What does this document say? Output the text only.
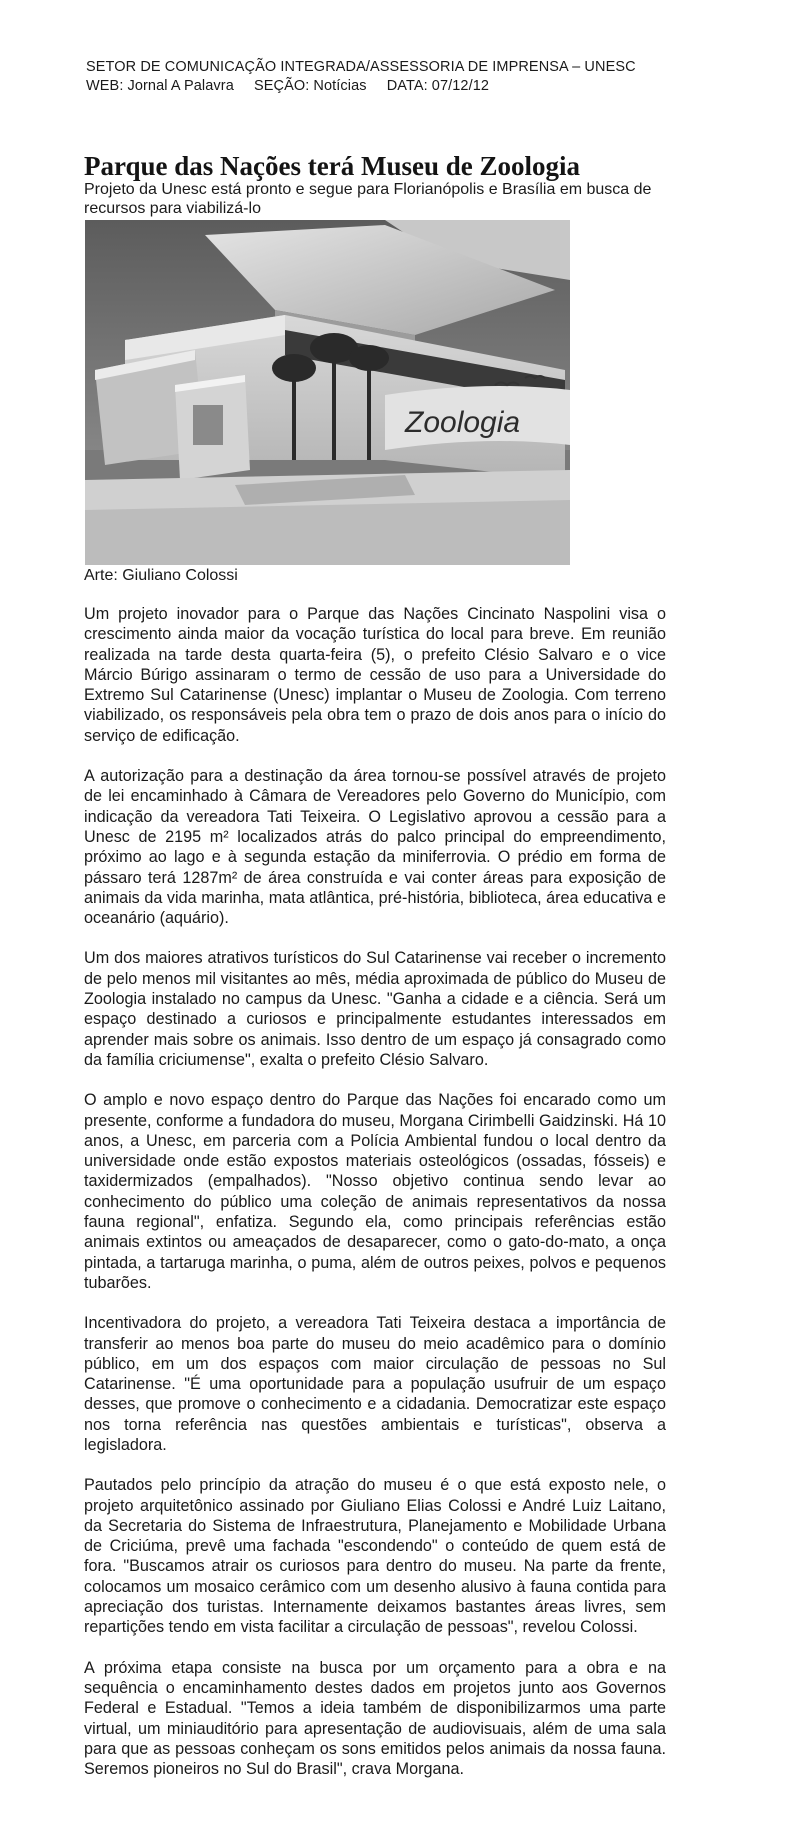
SETOR DE COMUNICAÇÃO INTEGRADA/ASSESSORIA DE IMPRENSA – UNESC
WEB: Jornal A Palavra SEÇÃO: Notícias DATA: 07/12/12
Parque das Nações terá Museu de Zoologia
Projeto da Unesc está pronto e segue para Florianópolis e Brasília em busca de recursos para viabilizá-lo
Zoologia
Arte: Giuliano Colossi

Um projeto inovador para o Parque das Nações Cincinato Naspolini visa o crescimento ainda maior da vocação turística do local para breve. Em reunião realizada na tarde desta quarta-feira (5), o prefeito Clésio Salvaro e o vice Márcio Búrigo assinaram o termo de cessão de uso para a Universidade do Extremo Sul Catarinense (Unesc) implantar o Museu de Zoologia. Com terreno viabilizado, os responsáveis pela obra tem o prazo de dois anos para o início do serviço de edificação.

A autorização para a destinação da área tornou-se possível através de projeto de lei encaminhado à Câmara de Vereadores pelo Governo do Município, com indicação da vereadora Tati Teixeira. O Legislativo aprovou a cessão para a Unesc de 2195 m² localizados atrás do palco principal do empreendimento, próximo ao lago e à segunda estação da miniferrovia. O prédio em forma de pássaro terá 1287m² de área construída e vai conter áreas para exposição de animais da vida marinha, mata atlântica, pré-história, biblioteca, área educativa e oceanário (aquário).

Um dos maiores atrativos turísticos do Sul Catarinense vai receber o incremento de pelo menos mil visitantes ao mês, média aproximada de público do Museu de Zoologia instalado no campus da Unesc. "Ganha a cidade e a ciência. Será um espaço destinado a curiosos e principalmente estudantes interessados em aprender mais sobre os animais. Isso dentro de um espaço já consagrado como da família criciumense", exalta o prefeito Clésio Salvaro.

O amplo e novo espaço dentro do Parque das Nações foi encarado como um presente, conforme a fundadora do museu, Morgana Cirimbelli Gaidzinski. Há 10 anos, a Unesc, em parceria com a Polícia Ambiental fundou o local dentro da universidade onde estão expostos materiais osteológicos (ossadas, fósseis) e taxidermizados (empalhados). "Nosso objetivo continua sendo levar ao conhecimento do público uma coleção de animais representativos da nossa fauna regional", enfatiza. Segundo ela, como principais referências estão animais extintos ou ameaçados de desaparecer, como o gato-do-mato, a onça pintada, a tartaruga marinha, o puma, além de outros peixes, polvos e pequenos tubarões.

Incentivadora do projeto, a vereadora Tati Teixeira destaca a importância de transferir ao menos boa parte do museu do meio acadêmico para o domínio público, em um dos espaços com maior circulação de pessoas no Sul Catarinense. "É uma oportunidade para a população usufruir de um espaço desses, que promove o conhecimento e a cidadania. Democratizar este espaço nos torna referência nas questões ambientais e turísticas", observa a legisladora.

Pautados pelo princípio da atração do museu é o que está exposto nele, o projeto arquitetônico assinado por Giuliano Elias Colossi e André Luiz Laitano, da Secretaria do Sistema de Infraestrutura, Planejamento e Mobilidade Urbana de Criciúma, prevê uma fachada "escondendo" o conteúdo de quem está de fora. "Buscamos atrair os curiosos para dentro do museu. Na parte da frente, colocamos um mosaico cerâmico com um desenho alusivo à fauna contida para apreciação dos turistas. Internamente deixamos bastantes áreas livres, sem repartições tendo em vista facilitar a circulação de pessoas", revelou Colossi.

A próxima etapa consiste na busca por um orçamento para a obra e na sequência o encaminhamento destes dados em projetos junto aos Governos Federal e Estadual. "Temos a ideia também de disponibilizarmos uma parte virtual, um miniauditório para apresentação de audiovisuais, além de uma sala para que as pessoas conheçam os sons emitidos pelos animais da nossa fauna. Seremos pioneiros no Sul do Brasil", crava Morgana.
